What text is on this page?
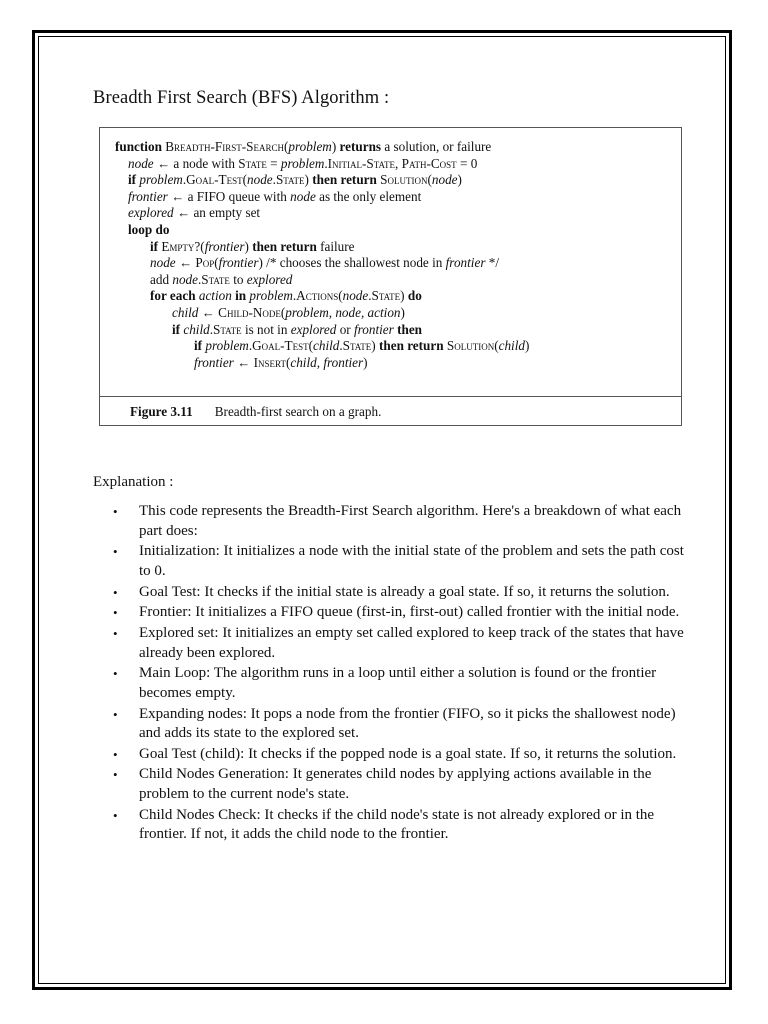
Breadth First Search (BFS) Algorithm :
function Breadth-First-Search(problem) returns a solution, or failure
node ← a node with State = problem.Initial-State, Path-Cost = 0
if problem.Goal-Test(node.State) then return Solution(node)
frontier ← a FIFO queue with node as the only element
explored ← an empty set
loop do
if Empty?(frontier) then return failure
node ← Pop(frontier) /* chooses the shallowest node in frontier */
add node.State to explored
for each action in problem.Actions(node.State) do
child ← Child-Node(problem, node, action)
if child.State is not in explored or frontier then
if problem.Goal-Test(child.State) then return Solution(child)
frontier ← Insert(child, frontier)
Figure 3.11 Breadth-first search on a graph.
Explanation :
• This code represents the Breadth-First Search algorithm. Here's a breakdown of what each part does:
• Initialization: It initializes a node with the initial state of the problem and sets the path cost to 0.
• Goal Test: It checks if the initial state is already a goal state. If so, it returns the solution.
• Frontier: It initializes a FIFO queue (first-in, first-out) called frontier with the initial node.
• Explored set: It initializes an empty set called explored to keep track of the states that have already been explored.
• Main Loop: The algorithm runs in a loop until either a solution is found or the frontier becomes empty.
• Expanding nodes: It pops a node from the frontier (FIFO, so it picks the shallowest node) and adds its state to the explored set.
• Goal Test (child): It checks if the popped node is a goal state. If so, it returns the solution.
• Child Nodes Generation: It generates child nodes by applying actions available in the problem to the current node's state.
• Child Nodes Check: It checks if the child node's state is not already explored or in the frontier. If not, it adds the child node to the frontier.
